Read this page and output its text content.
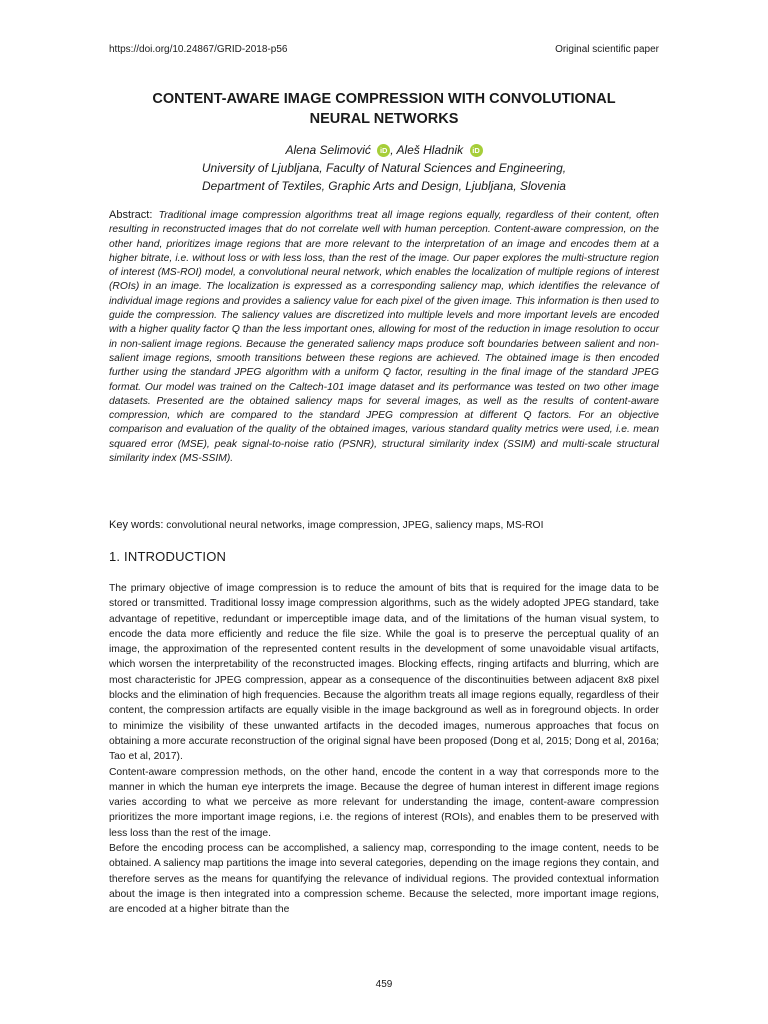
https://doi.org/10.24867/GRID-2018-p56	Original scientific paper
CONTENT-AWARE IMAGE COMPRESSION WITH CONVOLUTIONAL
NEURAL NETWORKS
Alena Selimović iD , Aleš Hladnik iD
University of Ljubljana, Faculty of Natural Sciences and Engineering,
Department of Textiles, Graphic Arts and Design, Ljubljana, Slovenia
Abstract: Traditional image compression algorithms treat all image regions equally, regardless of their content, often resulting in reconstructed images that do not correlate well with human perception. Content-aware compression, on the other hand, prioritizes image regions that are more relevant to the interpretation of an image and encodes them at a higher bitrate, i.e. without loss or with less loss, than the rest of the image. Our paper explores the multi-structure region of interest (MS-ROI) model, a convolutional neural network, which enables the localization of multiple regions of interest (ROIs) in an image. The localization is expressed as a corresponding saliency map, which identifies the relevance of individual image regions and provides a saliency value for each pixel of the given image. This information is then used to guide the compression. The saliency values are discretized into multiple levels and more important levels are encoded with a higher quality factor Q than the less important ones, allowing for most of the reduction in image resolution to occur in non-salient image regions. Because the generated saliency maps produce soft boundaries between salient and non-salient image regions, smooth transitions between these regions are achieved. The obtained image is then encoded further using the standard JPEG algorithm with a uniform Q factor, resulting in the final image of the standard JPEG format. Our model was trained on the Caltech-101 image dataset and its performance was tested on two other image datasets. Presented are the obtained saliency maps for several images, as well as the results of content-aware compression, which are compared to the standard JPEG compression at different Q factors. For an objective comparison and evaluation of the quality of the obtained images, various standard quality metrics were used, i.e. mean squared error (MSE), peak signal-to-noise ratio (PSNR), structural similarity index (SSIM) and multi-scale structural similarity index (MS-SSIM).
Key words: convolutional neural networks, image compression, JPEG, saliency maps, MS-ROI
1. INTRODUCTION

The primary objective of image compression is to reduce the amount of bits that is required for the image data to be stored or transmitted. Traditional lossy image compression algorithms, such as the widely adopted JPEG standard, take advantage of repetitive, redundant or imperceptible image data, and of the limitations of the human visual system, to encode the data more efficiently and reduce the file size. While the goal is to preserve the perceptual quality of an image, the approximation of the represented content results in the development of some unavoidable visual artifacts, which worsen the interpretability of the reconstructed images. Blocking effects, ringing artifacts and blurring, which are most characteristic for JPEG compression, appear as a consequence of the discontinuities between adjacent 8x8 pixel blocks and the elimination of high frequencies. Because the algorithm treats all image regions equally, regardless of their content, the compression artifacts are equally visible in the image background as well as in foreground objects. In order to minimize the visibility of these unwanted artifacts in the decoded images, numerous approaches that focus on obtaining a more accurate reconstruction of the original signal have been proposed (Dong et al, 2015; Dong et al, 2016a; Tao et al, 2017).

Content-aware compression methods, on the other hand, encode the content in a way that corresponds more to the manner in which the human eye interprets the image. Because the degree of human interest in different image regions varies according to what we perceive as more relevant for understanding the image, content-aware compression prioritizes the more important image regions, i.e. the regions of interest (ROIs), and enables them to be preserved with less loss than the rest of the image.

Before the encoding process can be accomplished, a saliency map, corresponding to the image content, needs to be obtained. A saliency map partitions the image into several categories, depending on the image regions they contain, and therefore serves as the means for quantifying the relevance of individual regions. The provided contextual information about the image is then integrated into a compression scheme. Because the selected, more important image regions, are encoded at a higher bitrate than the

459
